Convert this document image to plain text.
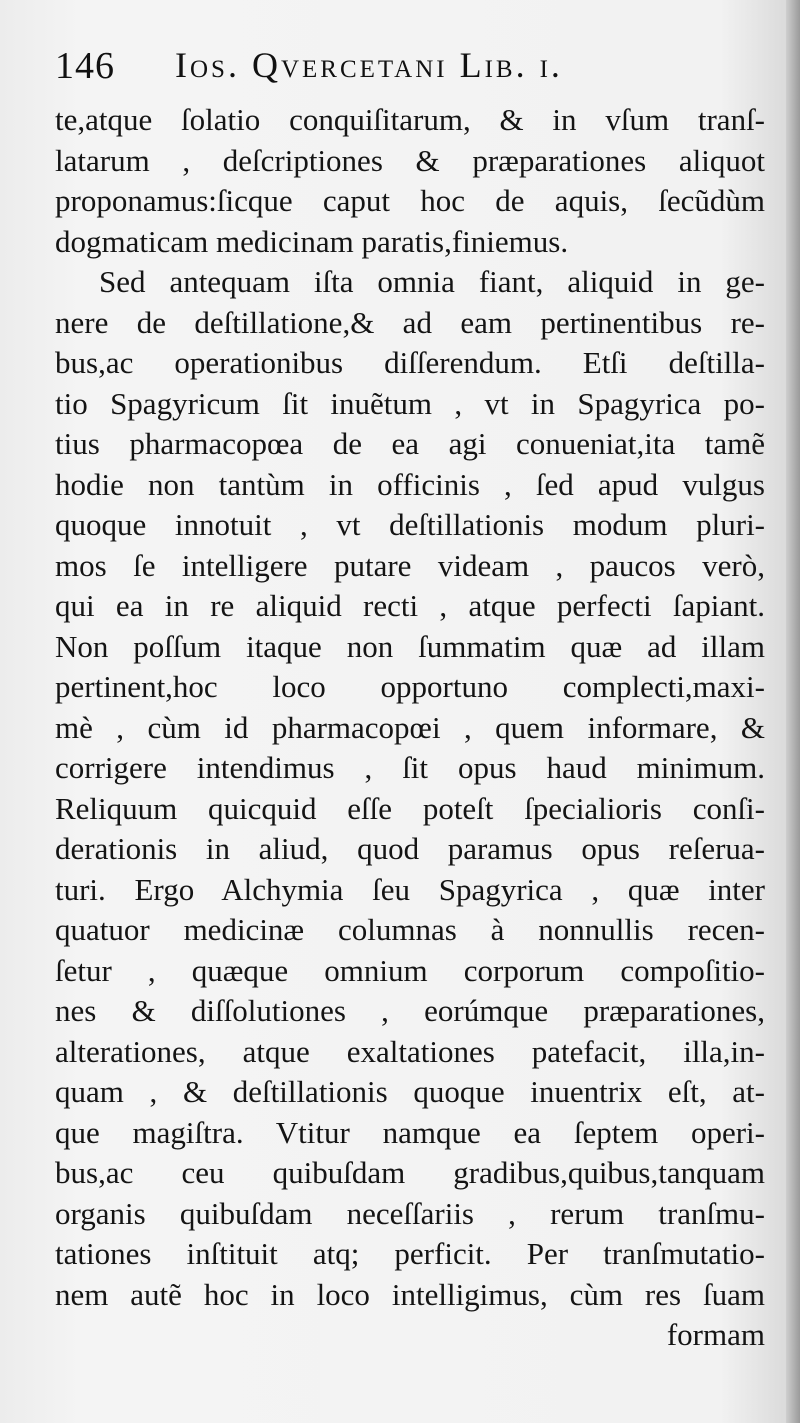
146 Ios. Qvercetani Lib. i.
te,atque ſolatio conquiſitarum, & in vſum tranſ-
latarum , deſcriptiones & præparationes aliquot
proponamus:ſicque caput hoc de aquis, ſecũdùm
dogmaticam medicinam paratis,finiemus.
Sed antequam iſta omnia fiant, aliquid in ge-
nere de deſtillatione,& ad eam pertinentibus re-
bus,ac operationibus diſſerendum. Etſi deſtilla-
tio Spagyricum ſit inuẽtum , vt in Spagyrica po-
tius pharmacopœa de ea agi conueniat,ita tamẽ
hodie non tantùm in officinis , ſed apud vulgus
quoque innotuit , vt deſtillationis modum pluri-
mos ſe intelligere putare videam , paucos verò,
qui ea in re aliquid recti , atque perfecti ſapiant.
Non poſſum itaque non ſummatim quæ ad illam
pertinent,hoc loco opportuno complecti,maxi-
mè , cùm id pharmacopœi , quem informare, &
corrigere intendimus , ſit opus haud minimum.
Reliquum quicquid eſſe poteſt ſpecialioris conſi-
derationis in aliud, quod paramus opus reſerua-
turi. Ergo Alchymia ſeu Spagyrica , quæ inter
quatuor medicinæ columnas à nonnullis recen-
ſetur , quæque omnium corporum compoſitio-
nes & diſſolutiones , eorúmque præparationes,
alterationes, atque exaltationes patefacit, illa,in-
quam , & deſtillationis quoque inuentrix eſt, at-
que magiſtra. Vtitur namque ea ſeptem operi-
bus,ac ceu quibuſdam gradibus,quibus,tanquam
organis quibuſdam neceſſariis , rerum tranſmu-
tationes inſtituit atq; perficit. Per tranſmutatio-
nem autẽ hoc in loco intelligimus, cùm res ſuam
formam
